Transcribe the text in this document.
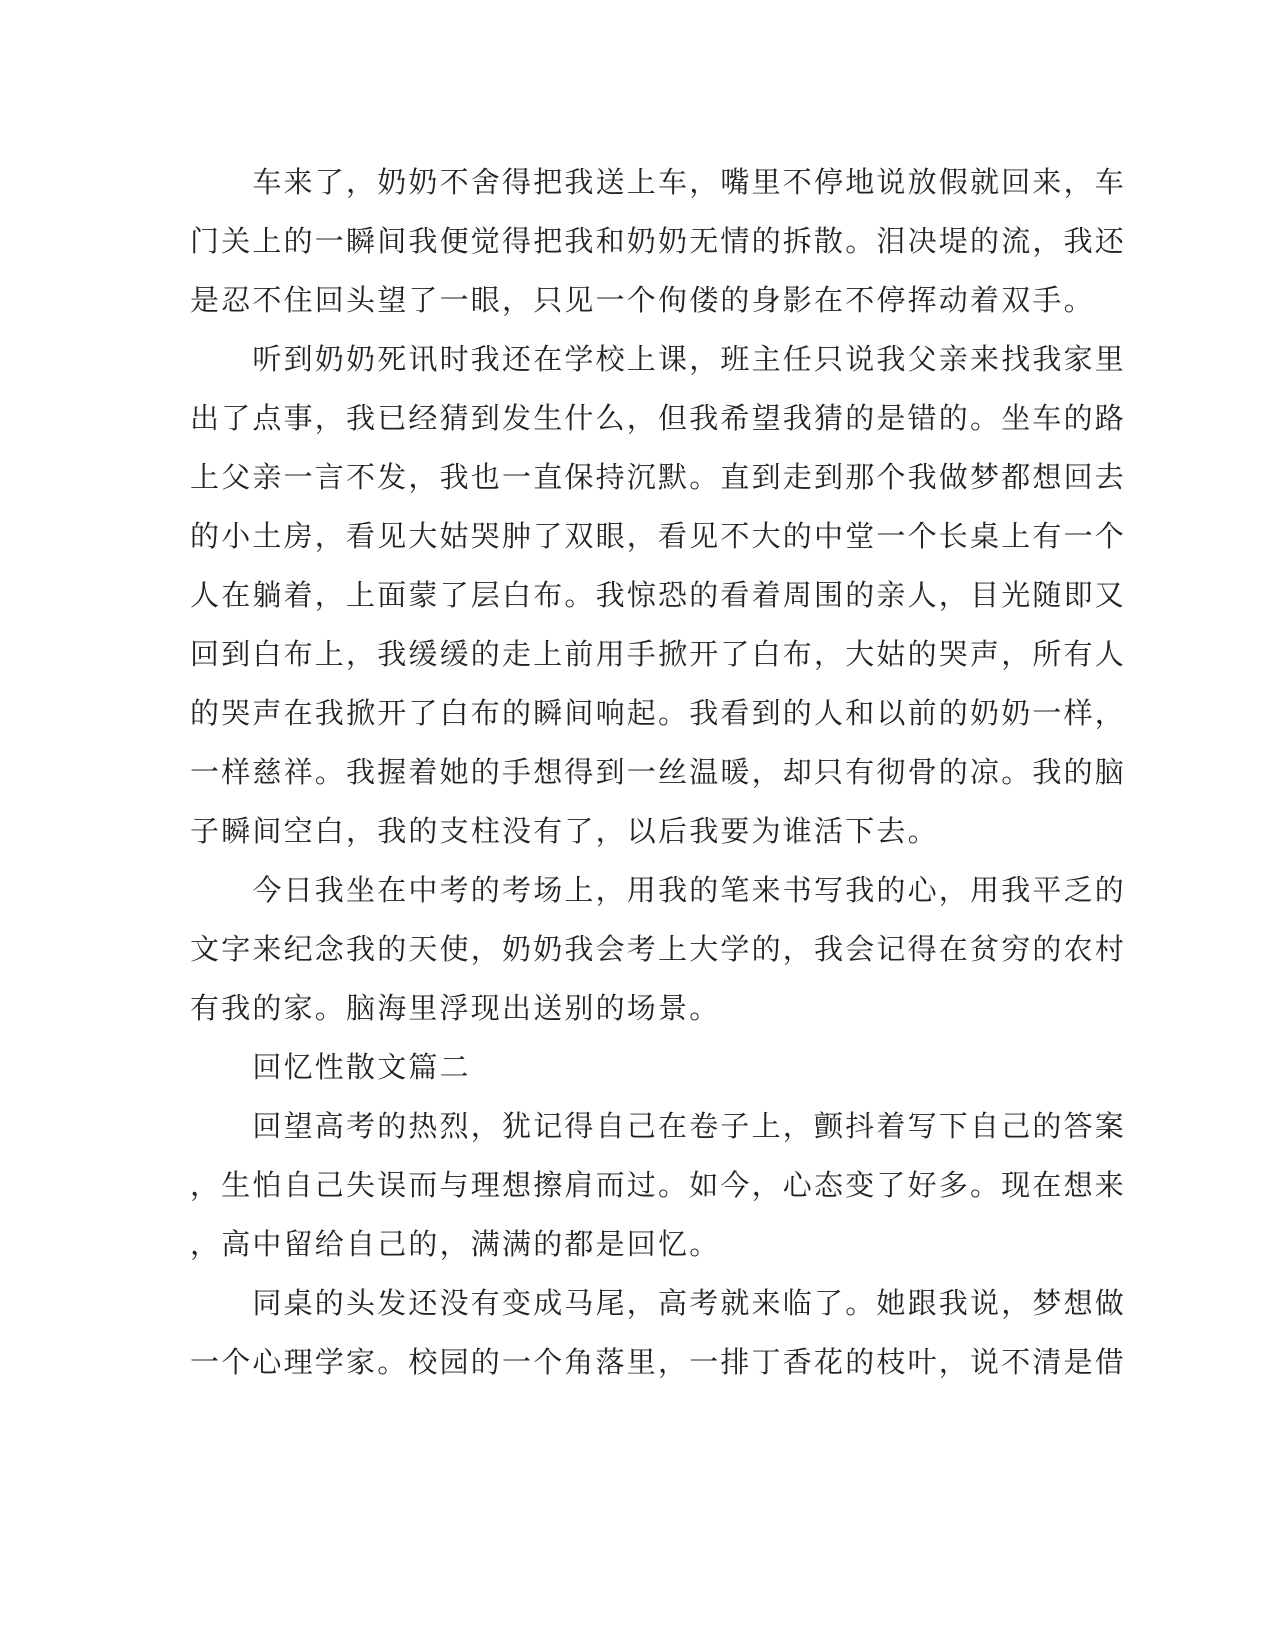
　　车来了，奶奶不舍得把我送上车，嘴里不停地说放假就回来，车
门关上的一瞬间我便觉得把我和奶奶无情的拆散。泪决堤的流，我还
是忍不住回头望了一眼，只见一个佝偻的身影在不停挥动着双手。
　　听到奶奶死讯时我还在学校上课，班主任只说我父亲来找我家里
出了点事，我已经猜到发生什么，但我希望我猜的是错的。坐车的路
上父亲一言不发，我也一直保持沉默。直到走到那个我做梦都想回去
的小土房，看见大姑哭肿了双眼，看见不大的中堂一个长桌上有一个
人在躺着，上面蒙了层白布。我惊恐的看着周围的亲人，目光随即又
回到白布上，我缓缓的走上前用手掀开了白布，大姑的哭声，所有人
的哭声在我掀开了白布的瞬间响起。我看到的人和以前的奶奶一样，
一样慈祥。我握着她的手想得到一丝温暖，却只有彻骨的凉。我的脑
子瞬间空白，我的支柱没有了，以后我要为谁活下去。
　　今日我坐在中考的考场上，用我的笔来书写我的心，用我平乏的
文字来纪念我的天使，奶奶我会考上大学的，我会记得在贫穷的农村
有我的家。脑海里浮现出送别的场景。
　　回忆性散文篇二
　　回望高考的热烈，犹记得自己在卷子上，颤抖着写下自己的答案
，生怕自己失误而与理想擦肩而过。如今，心态变了好多。现在想来
，高中留给自己的，满满的都是回忆。
　　同桌的头发还没有变成马尾，高考就来临了。她跟我说，梦想做
一个心理学家。校园的一个角落里，一排丁香花的枝叶，说不清是借
